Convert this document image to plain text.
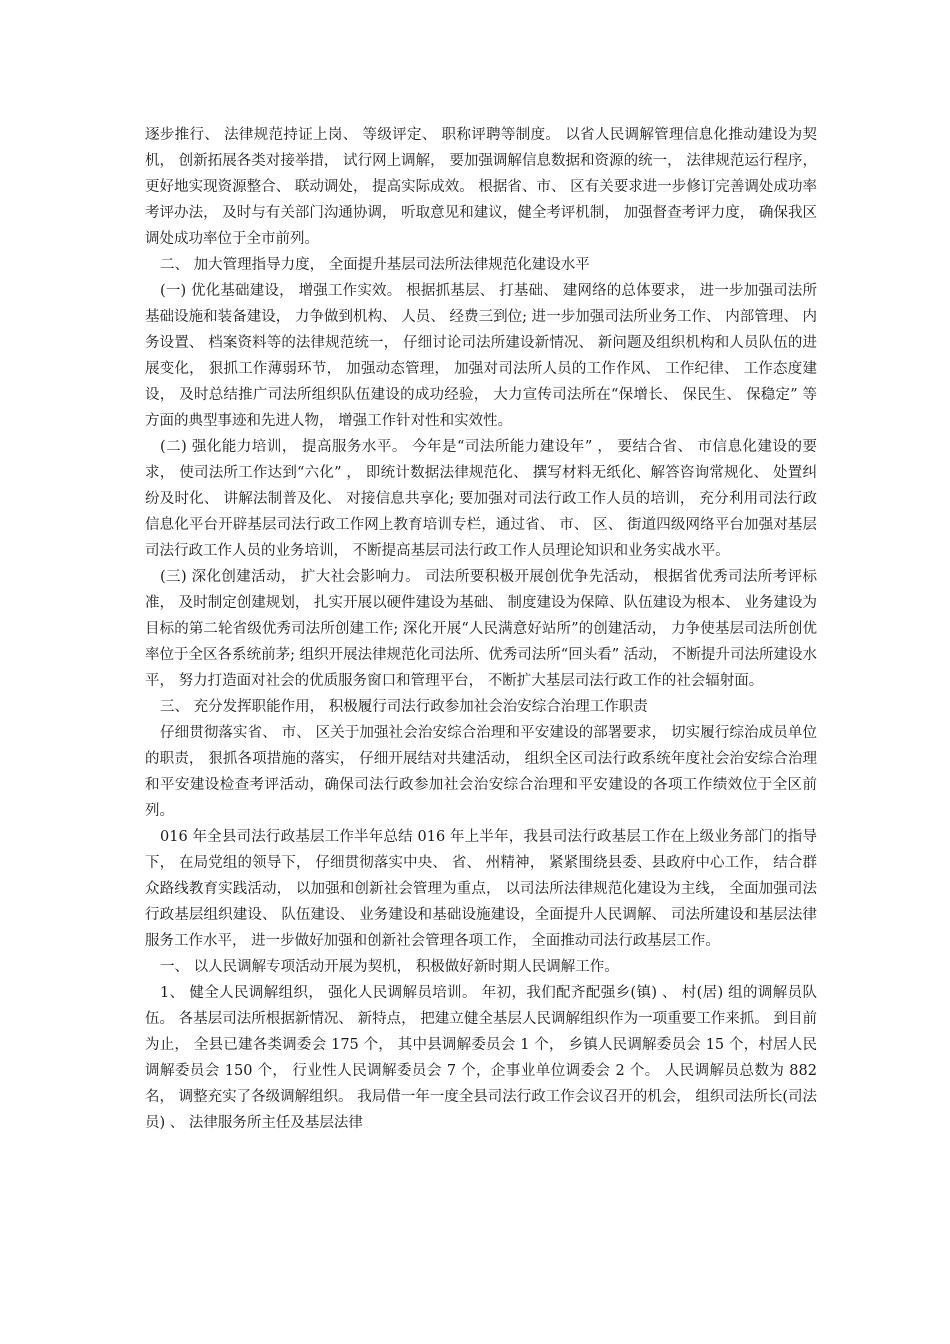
逐步推行、 法律规范持证上岗、 等级评定、 职称评聘等制度。 以省人民调解管理信息化推动建设为契机， 创新拓展各类对接举措， 试行网上调解， 要加强调解信息数据和资源的统一， 法律规范运行程序，更好地实现资源整合、 联动调处， 提高实际成效。 根据省、市、 区有关要求进一步修订完善调处成功率考评办法， 及时与有关部门沟通协调， 听取意见和建议，健全考评机制， 加强督查考评力度， 确保我区调处成功率位于全市前列。

二、 加大管理指导力度， 全面提升基层司法所法律规范化建设水平

(一) 优化基础建设， 增强工作实效。 根据抓基层、 打基础、 建网络的总体要求， 进一步加强司法所基础设施和装备建设， 力争做到机构、 人员、 经费三到位; 进一步加强司法所业务工作、 内部管理、 内务设置、 档案资料等的法律规范统一， 仔细讨论司法所建设新情况、 新问题及组织机构和人员队伍的进展变化， 狠抓工作薄弱环节， 加强动态管理， 加强对司法所人员的工作作风、 工作纪律、 工作态度建设， 及时总结推广司法所组织队伍建设的成功经验， 大力宣传司法所在“保增长、 保民生、 保稳定” 等方面的典型事迹和先进人物， 增强工作针对性和实效性。

(二) 强化能力培训， 提高服务水平。 今年是“司法所能力建设年” ， 要结合省、 市信息化建设的要求， 使司法所工作达到“六化” ， 即统计数据法律规范化、 撰写材料无纸化、解答咨询常规化、 处置纠纷及时化、 讲解法制普及化、 对接信息共享化; 要加强对司法行政工作人员的培训， 充分利用司法行政信息化平台开辟基层司法行政工作网上教育培训专栏，通过省、 市、 区、 街道四级网络平台加强对基层司法行政工作人员的业务培训， 不断提高基层司法行政工作人员理论知识和业务实战水平。

(三) 深化创建活动， 扩大社会影响力。 司法所要积极开展创优争先活动， 根据省优秀司法所考评标准， 及时制定创建规划， 扎实开展以硬件建设为基础、 制度建设为保障、队伍建设为根本、 业务建设为目标的第二轮省级优秀司法所创建工作; 深化开展“人民满意好站所”的创建活动， 力争使基层司法所创优率位于全区各系统前茅; 组织开展法律规范化司法所、优秀司法所“回头看” 活动， 不断提升司法所建设水平， 努力打造面对社会的优质服务窗口和管理平台， 不断扩大基层司法行政工作的社会辐射面。

三、 充分发挥职能作用， 积极履行司法行政参加社会治安综合治理工作职责

仔细贯彻落实省、 市、 区关于加强社会治安综合治理和平安建设的部署要求， 切实履行综治成员单位的职责， 狠抓各项措施的落实， 仔细开展结对共建活动， 组织全区司法行政系统年度社会治安综合治理和平安建设检查考评活动，确保司法行政参加社会治安综合治理和平安建设的各项工作绩效位于全区前列。

016 年全县司法行政基层工作半年总结 016 年上半年，我县司法行政基层工作在上级业务部门的指导下， 在局党组的领导下， 仔细贯彻落实中央、 省、 州精神， 紧紧围绕县委、县政府中心工作， 结合群众路线教育实践活动， 以加强和创新社会管理为重点， 以司法所法律规范化建设为主线， 全面加强司法行政基层组织建设、 队伍建设、 业务建设和基础设施建设，全面提升人民调解、 司法所建设和基层法律服务工作水平， 进一步做好加强和创新社会管理各项工作， 全面推动司法行政基层工作。

一、 以人民调解专项活动开展为契机， 积极做好新时期人民调解工作。

1、 健全人民调解组织， 强化人民调解员培训。 年初，我们配齐配强乡(镇) 、 村(居) 组的调解员队伍。 各基层司法所根据新情况、 新特点， 把建立健全基层人民调解组织作为一项重要工作来抓。 到目前为止， 全县已建各类调委会 175 个， 其中县调解委员会 1 个， 乡镇人民调解委员会 15 个，村居人民调解委员会 150 个， 行业性人民调解委员会 7 个，企事业单位调委会 2 个。 人民调解员总数为 882 名， 调整充实了各级调解组织。 我局借一年一度全县司法行政工作会议召开的机会， 组织司法所长(司法员) 、 法律服务所主任及基层法律
